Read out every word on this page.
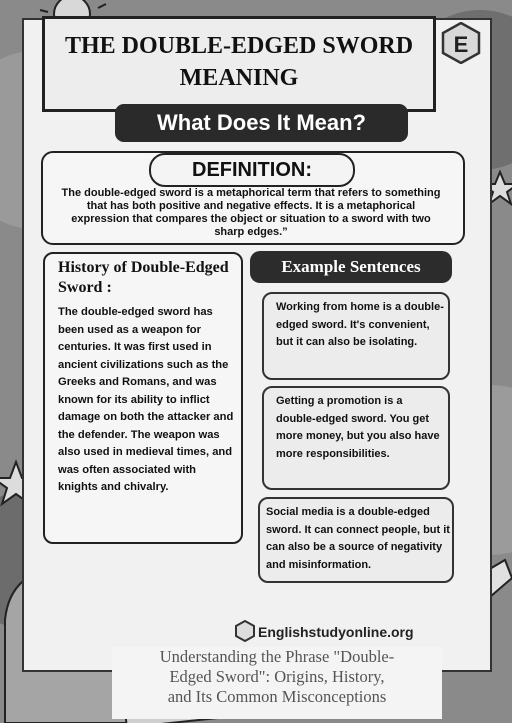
THE DOUBLE-EDGED SWORD
MEANING
E
What Does It Mean?
DEFINITION:
The double-edged sword is a metaphorical term that refers to something that has both positive and negative effects. It is a metaphorical expression that compares the object or situation to a sword with two sharp edges.”
History of Double-Edged Sword :
The double-edged sword has been used as a weapon for centuries. It was first used in ancient civilizations such as the Greeks and Romans, and was known for its ability to inflict damage on both the attacker and the defender. The weapon was also used in medieval times, and was often associated with knights and chivalry.
Example Sentences
Working from home is a double-edged sword. It's convenient, but it can also be isolating.
Getting a promotion is a double-edged sword. You get more money, but you also have more responsibilities.
Social media is a double-edged sword. It can connect people, but it can also be a source of negativity and misinformation.
Englishstudyonline.org
Understanding the Phrase "Double-
Edged Sword": Origins, History,
and Its Common Misconceptions
